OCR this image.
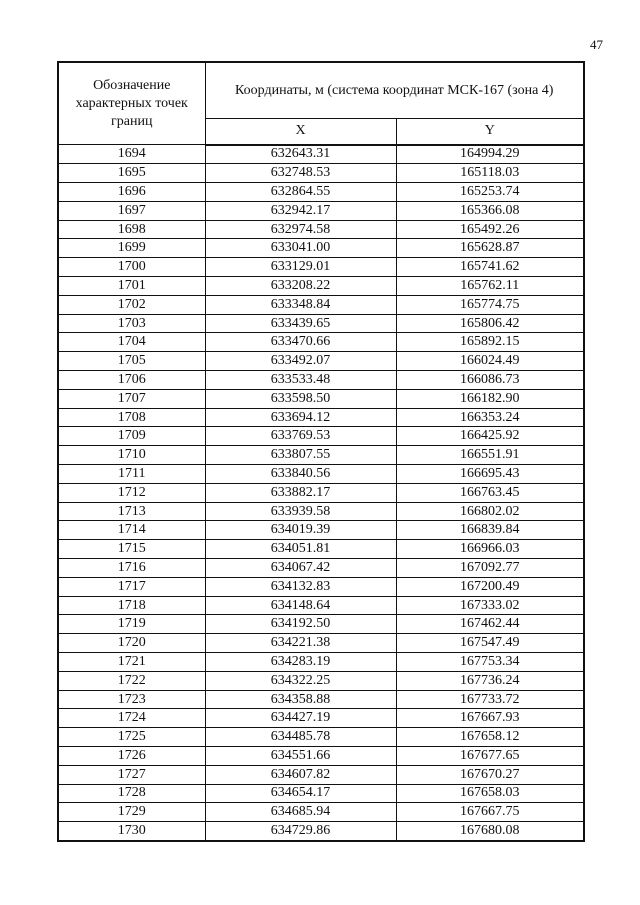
47
Обозначение характерных точек границ	Координаты, м (система координат МСК-167 (зона 4)	
	X	Y
1694	632643.31	164994.29
1695	632748.53	165118.03
1696	632864.55	165253.74
1697	632942.17	165366.08
1698	632974.58	165492.26
1699	633041.00	165628.87
1700	633129.01	165741.62
1701	633208.22	165762.11
1702	633348.84	165774.75
1703	633439.65	165806.42
1704	633470.66	165892.15
1705	633492.07	166024.49
1706	633533.48	166086.73
1707	633598.50	166182.90
1708	633694.12	166353.24
1709	633769.53	166425.92
1710	633807.55	166551.91
1711	633840.56	166695.43
1712	633882.17	166763.45
1713	633939.58	166802.02
1714	634019.39	166839.84
1715	634051.81	166966.03
1716	634067.42	167092.77
1717	634132.83	167200.49
1718	634148.64	167333.02
1719	634192.50	167462.44
1720	634221.38	167547.49
1721	634283.19	167753.34
1722	634322.25	167736.24
1723	634358.88	167733.72
1724	634427.19	167667.93
1725	634485.78	167658.12
1726	634551.66	167677.65
1727	634607.82	167670.27
1728	634654.17	167658.03
1729	634685.94	167667.75
1730	634729.86	167680.08
